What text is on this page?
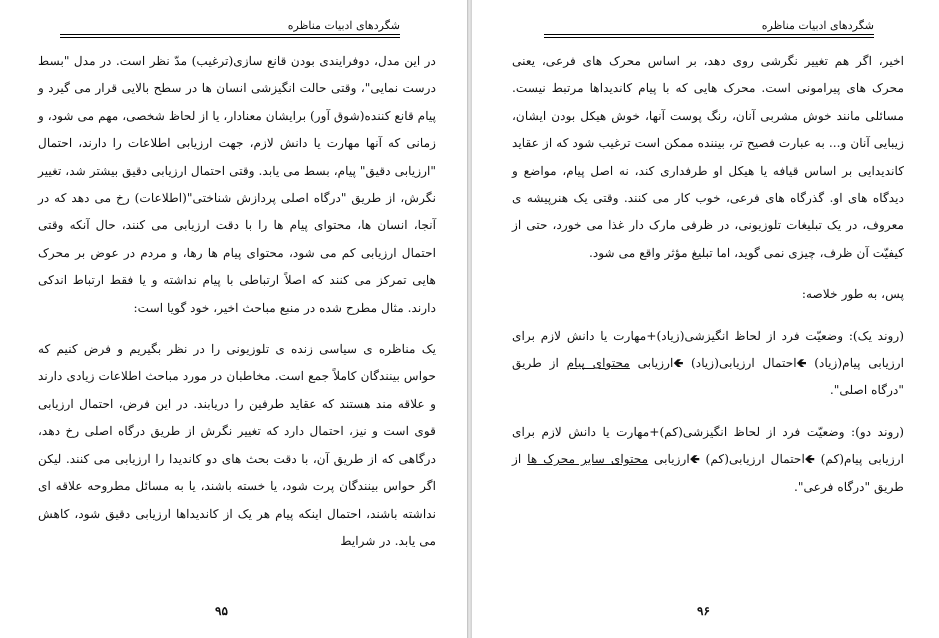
شگردهای ادبیات مناظره

در این مدل، دوفرایندی بودن قانع سازی(ترغیب) مدّ نظر است. در مدل "بسط درست نمایی"، وقتی حالت انگیزشی انسان ها در سطح بالایی قرار می گیرد و پیام قانع کننده(شوق آور) برایشان معنادار، یا از لحاظ شخصی، مهم می شود، و زمانی که آنها مهارت یا دانش لازم، جهت ارزیابی اطلاعات را دارند، احتمال "ارزیابی دقیق" پیام، بسط می یابد. وقتی احتمال ارزیابی دقیق بیشتر شد، تغییر نگرش، از طریق "درگاه اصلی پردازش شناختی"(اطلاعات) رخ می دهد که در آنجا، انسان ها، محتوای پیام ها را با دقت ارزیابی می کنند، حال آنکه وقتی احتمال ارزیابی کم می شود، محتوای پیام ها رها، و مردم در عوض بر محرک هایی تمرکز می کنند که اصلاً ارتباطی با پیام نداشته و یا فقط ارتباط اندکی دارند. مثال مطرح شده در منبع مباحث اخیر، خود گویا است:

یک مناظره ی سیاسی زنده ی تلوزیونی را در نظر بگیریم و فرض کنیم که حواس بینندگان کاملاً جمع است. مخاطبان در مورد مباحث اطلاعات زیادی دارند و علاقه مند هستند که عقاید طرفین را دریابند. در این فرض، احتمال ارزیابی قوی است و نیز، احتمال دارد که تغییر نگرش از طریق درگاه اصلی رخ دهد، درگاهی که از طریق آن، با دقت بحث های دو کاندیدا را ارزیابی می کنند. لیکن اگر حواس بینندگان پرت شود، یا خسته باشند، یا به مسائل مطروحه علاقه ای نداشته باشند، احتمال اینکه پیام هر یک از کاندیداها ارزیابی دقیق شود، کاهش می یابد. در شرایط

۹۵
شگردهای ادبیات مناظره

اخیر، اگر هم تغییر نگرشی روی دهد، بر اساس محرک های فرعی، یعنی محرک های پیرامونی است. محرک هایی که با پیام کاندیداها مرتبط نیست. مسائلی مانند خوش مشربی آنان، رنگ پوست آنها، خوش هیکل بودن ایشان، زیبایی آنان و... به عبارت فصیح تر، بیننده ممکن است ترغیب شود که از عقاید کاندیدایی بر اساس قیافه یا هیکل او طرفداری کند، نه اصل پیام، مواضع و دیدگاه های او. گذرگاه های فرعی، خوب کار می کنند. وقتی یک هنرپیشه ی معروف، در یک تبلیغات تلوزیونی، در ظرفی مارک دار غذا می خورد، حتی از کیفیّت آن ظرف، چیزی نمی گوید، اما تبلیغ مؤثر واقع می شود.

پس، به طور خلاصه:

(روند یک): وضعیّت فرد از لحاظ انگیزشی(زیاد)+مهارت یا دانش لازم برای ارزیابی پیام(زیاد) 🡸احتمال ارزیابی(زیاد) 🡸ارزیابی محتوای پیام از طریق "درگاه اصلی".

(روند دو): وضعیّت فرد از لحاظ انگیزشی(کم)+مهارت یا دانش لازم برای ارزیابی پیام(کم) 🡸احتمال ارزیابی(کم) 🡸ارزیابی محتوای سایر محرک ها از طریق "درگاه فرعی".

۹۶
